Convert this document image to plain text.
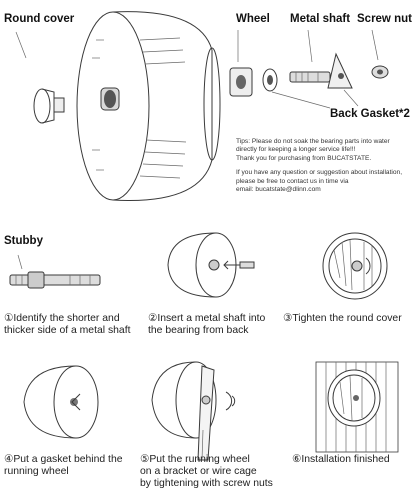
Round cover	Wheel Metal shaft Screw nut
Back Gasket*2
Tips: Please do not soak the bearing parts into water
directly for keeping a longer service life!!!
Thank you for purchasing from BUCATSTATE.
If you have any question or suggestion about installation,
please be free to contact us in time via
email: bucatstate@dlinn.com
Stubby
①Identify the shorter and
thicker side of a metal shaft
②Insert a metal shaft into
the bearing from back
③Tighten the round cover
④Put a gasket behind the
running wheel
⑤Put the running wheel
on a bracket or wire cage
by tightening with screw nuts
⑥Installation finished
